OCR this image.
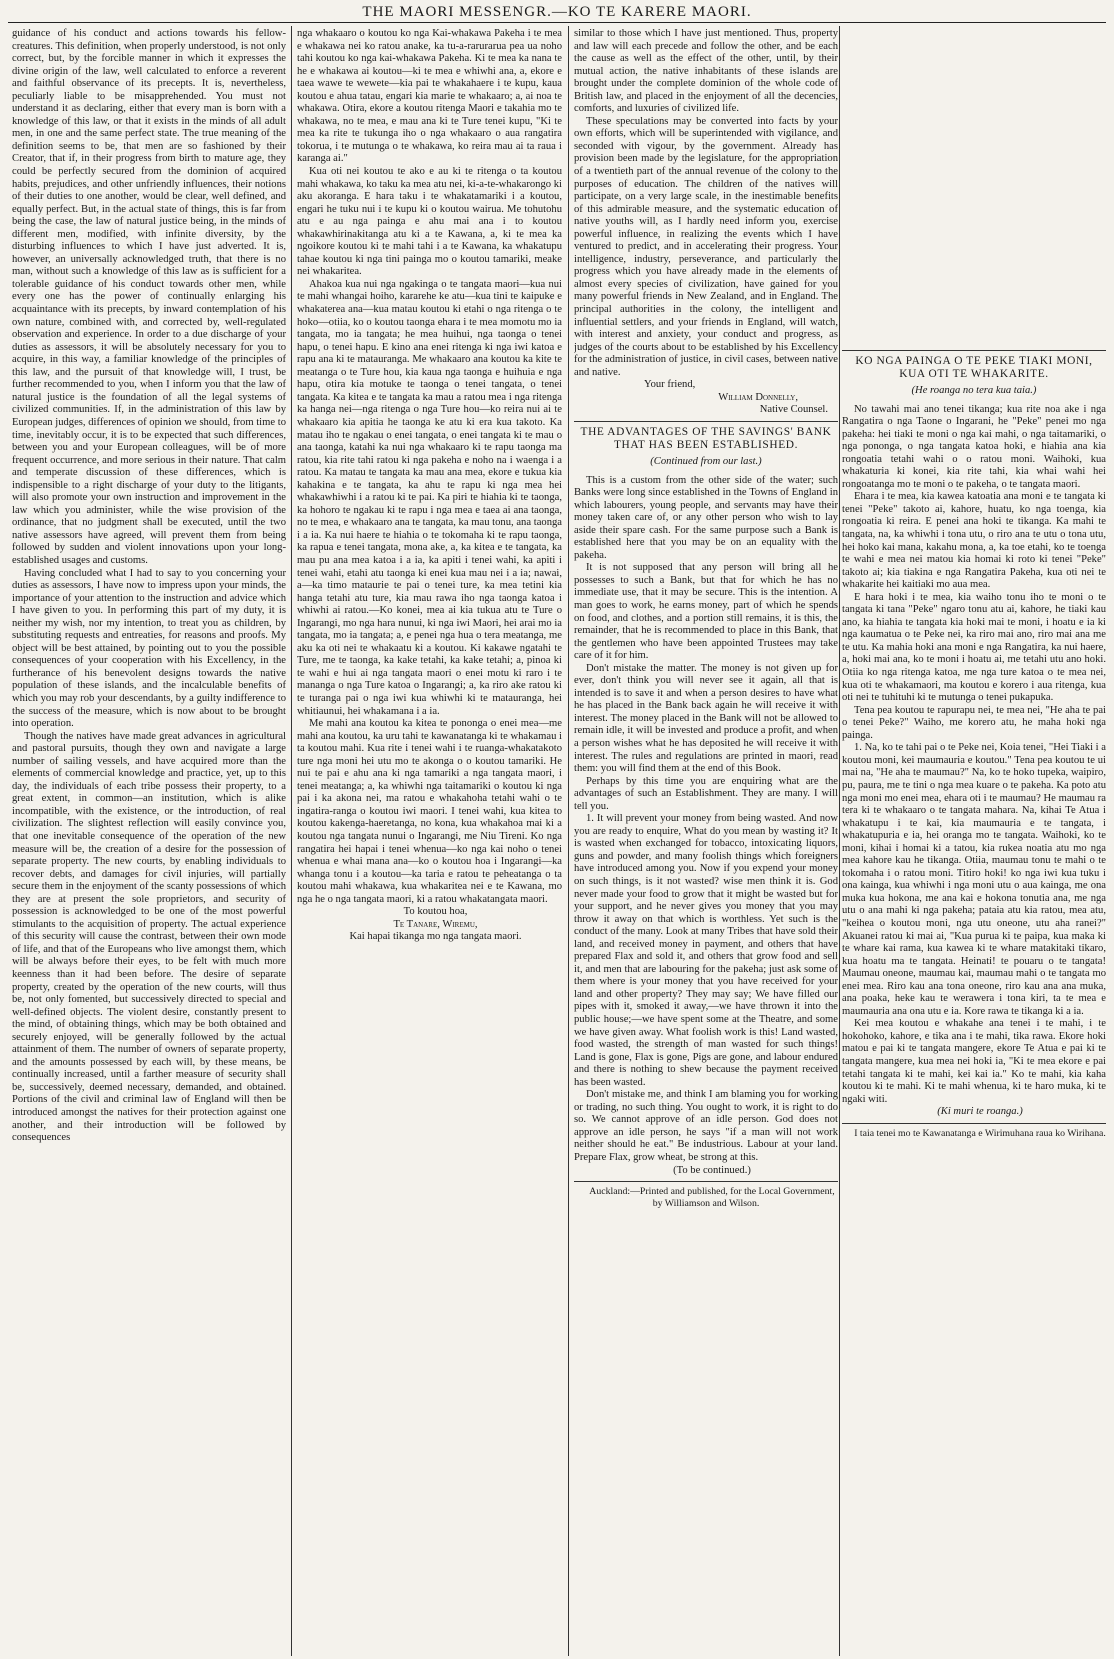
THE MAORI MESSENGR.—KO TE KARERE MAORI.

guidance of his conduct and actions towards his fellow-creatures. This definition, when properly understood, is not only correct, but, by the forcible manner in which it expresses the divine origin of the law, well calculated to enforce a reverent and faithful observance of its precepts. It is, nevertheless, peculiarly liable to be misapprehended. You must not understand it as declaring, either that every man is born with a knowledge of this law, or that it exists in the minds of all adult men, in one and the same perfect state. The true meaning of the definition seems to be, that men are so fashioned by their Creator, that if, in their progress from birth to mature age, they could be perfectly secured from the dominion of acquired habits, prejudices, and other unfriendly influences, their notions of their duties to one another, would be clear, well defined, and equally perfect. But, in the actual state of things, this is far from being the case, the law of natural justice being, in the minds of different men, modified, with infinite diversity, by the disturbing influences to which I have just adverted. It is, however, an universally acknowledged truth, that there is no man, without such a knowledge of this law as is sufficient for a tolerable guidance of his conduct towards other men, while every one has the power of continually enlarging his acquaintance with its precepts, by inward contemplation of his own nature, combined with, and corrected by, well-regulated observation and experience. In order to a due discharge of your duties as assessors, it will be absolutely necessary for you to acquire, in this way, a familiar knowledge of the principles of this law, and the pursuit of that knowledge will, I trust, be further recommended to you, when I inform you that the law of natural justice is the foundation of all the legal systems of civilized communities. If, in the administration of this law by European judges, differences of opinion we should, from time to time, inevitably occur, it is to be expected that such differences, between you and your European colleagues, will be of more frequent occurrence, and more serious in their nature. That calm and temperate discussion of these differences, which is indispensible to a right discharge of your duty to the litigants, will also promote your own instruction and improvement in the law which you administer, while the wise provision of the ordinance, that no judgment shall be executed, until the two native assessors have agreed, will prevent them from being followed by sudden and violent innovations upon your long-established usages and customs.

Having concluded what I had to say to you concerning your duties as assessors, I have now to impress upon your minds, the importance of your attention to the instruction and advice which I have given to you. In performing this part of my duty, it is neither my wish, nor my intention, to treat you as children, by substituting requests and entreaties, for reasons and proofs. My object will be best attained, by pointing out to you the possible consequences of your cooperation with his Excellency, in the furtherance of his benevolent designs towards the native population of these islands, and the incalculable benefits of which you may rob your descendants, by a guilty indifference to the success of the measure, which is now about to be brought into operation.

Though the natives have made great advances in agricultural and pastoral pursuits, though they own and navigate a large number of sailing vessels, and have acquired more than the elements of commercial knowledge and practice, yet, up to this day, the individuals of each tribe possess their property, to a great extent, in common—an institution, which is alike incompatible, with the existence, or the introduction, of real civilization. The slightest reflection will easily convince you, that one inevitable consequence of the operation of the new measure will be, the creation of a desire for the possession of separate property. The new courts, by enabling individuals to recover debts, and damages for civil injuries, will partially secure them in the enjoyment of the scanty possessions of which they are at present the sole proprietors, and security of possession is acknowledged to be one of the most powerful stimulants to the acquisition of property. The actual experience of this security will cause the contrast, between their own mode of life, and that of the Europeans who live amongst them, which will be always before their eyes, to be felt with much more keenness than it had been before. The desire of separate property, created by the operation of the new courts, will thus be, not only fomented, but successively directed to special and well-defined objects. The violent desire, constantly present to the mind, of obtaining things, which may be both obtained and securely enjoyed, will be generally followed by the actual attainment of them. The number of owners of separate property, and the amounts possessed by each will, by these means, be continually increased, until a farther measure of security shall be, successively, deemed necessary, demanded, and obtained. Portions of the civil and criminal law of England will then be introduced amongst the natives for their protection against one another, and their introduction will be followed by consequences

nga whakaaro o koutou ko nga Kai-whakawa Pakeha i te mea e whakawa nei ko ratou anake, ka tu-a-rarurarua pea ua noho tahi koutou ko nga kai-whakawa Pakeha. Ki te mea ka nana te he e whakawa ai koutou—ki te mea e whiwhi ana, a, ekore e taea wawe te wewete—kia pai te whakahaere i te kupu, kaua koutou e ahua tatau, engari kia marie te whakaaro; a, ai noa te whakawa. Otira, ekore a koutou ritenga Maori e takahia mo te whakawa, no te mea, e mau ana ki te Ture tenei kupu, "Ki te mea ka rite te tukunga iho o nga whakaaro o aua rangatira tokorua, i te mutunga o te whakawa, ko reira mau ai ta raua i karanga ai."

Kua oti nei koutou te ako e au ki te ritenga o ta koutou mahi whakawa, ko taku ka mea atu nei, ki-a-te-whakarongo ki aku akoranga. E hara taku i te whakatamariki i a koutou, engari he tuku nui i te kupu ki o koutou wairua. Me tohutohu atu e au nga painga e ahu mai ana i to koutou whakawhirinakitanga atu ki a te Kawana, a, ki te mea ka ngoikore koutou ki te mahi tahi i a te Kawana, ka whakatupu tahae koutou ki nga tini painga mo o koutou tamariki, meake nei whakaritea.

Ahakoa kua nui nga ngakinga o te tangata maori—kua nui te mahi whangai hoiho, kararehe ke atu—kua tini te kaipuke e whakaterea ana—kua matau koutou ki etahi o nga ritenga o te hoko—otiia, ko o koutou taonga ehara i te mea momotu mo ia tangata, mo ia tangata; he mea huihui, nga taonga o tenei hapu, o tenei hapu. E kino ana enei ritenga ki nga iwi katoa e rapu ana ki te matauranga. Me whakaaro ana koutou ka kite te meatanga o te Ture hou, kia kaua nga taonga e huihuia e nga hapu, otira kia motuke te taonga o tenei tangata, o tenei tangata. Ka kitea e te tangata ka mau a ratou mea i nga ritenga ka hanga nei—nga ritenga o nga Ture hou—ko reira nui ai te whakaaro kia apitia he taonga ke atu ki era kua takoto. Ka matau iho te ngakau o enei tangata, o enei tangata ki te mau o ana taonga, katahi ka nui nga whakaaro ki te rapu taonga ma ratou, kia rite tahi ratou ki nga pakeha e noho na i waenga i a ratou. Ka matau te tangata ka mau ana mea, ekore e tukua kia kahakina e te tangata, ka ahu te rapu ki nga mea hei whakawhiwhi i a ratou ki te pai. Ka piri te hiahia ki te taonga, ka hohoro te ngakau ki te rapu i nga mea e taea ai ana taonga, no te mea, e whakaaro ana te tangata, ka mau tonu, ana taonga i a ia. Ka nui haere te hiahia o te tokomaha ki te rapu taonga, ka rapua e tenei tangata, mona ake, a, ka kitea e te tangata, ka mau pu ana mea katoa i a ia, ka apiti i tenei wahi, ka apiti i tenei wahi, etahi atu taonga ki enei kua mau nei i a ia; nawai, a—ka timo mataurie te pai o tenei ture, ka mea tetini kia hanga tetahi atu ture, kia mau rawa iho nga taonga katoa i whiwhi ai ratou.—Ko konei, mea ai kia tukua atu te Ture o Ingarangi, mo nga hara nunui, ki nga iwi Maori, hei arai mo ia tangata, mo ia tangata; a, e penei nga hua o tera meatanga, me aku ka oti nei te whakaatu ki a koutou. Ki kakawe ngatahi te Ture, me te taonga, ka kake tetahi, ka kake tetahi; a, pinoa ki te wahi e hui ai nga tangata maori o enei motu ki raro i te mananga o nga Ture katoa o Ingarangi; a, ka riro ake ratou ki te turanga pai o nga iwi kua whiwhi ki te matauranga, hei whitiaunui, hei whakamana i a ia.

Me mahi ana koutou ka kitea te pononga o enei mea—me mahi ana koutou, ka uru tahi te kawanatanga ki te whakamau i ta koutou mahi. Kua rite i tenei wahi i te ruanga-whakatakoto ture nga moni hei utu mo te akonga o o koutou tamariki. He nui te pai e ahu ana ki nga tamariki a nga tangata maori, i tenei meatanga; a, ka whiwhi nga taitamariki o koutou ki nga pai i ka akona nei, ma ratou e whakahoha tetahi wahi o te ingatira-ranga o koutou iwi maori. I tenei wahi, kua kitea to koutou kakenga-haeretanga, no kona, kua whakahoa mai ki a koutou nga tangata nunui o Ingarangi, me Niu Tireni. Ko nga rangatira hei hapai i tenei whenua—ko nga kai noho o tenei whenua e whai mana ana—ko o koutou hoa i Ingarangi—ka whanga tonu i a koutou—ka taria e ratou te peheatanga o ta koutou mahi whakawa, kua whakaritea nei e te Kawana, mo nga he o nga tangata maori, ki a ratou whakatangata maori.

To koutou hoa,

Te Tanare, Wiremu,

Kai hapai tikanga mo nga tangata maori.

similar to those which I have just mentioned. Thus, property and law will each precede and follow the other, and be each the cause as well as the effect of the other, until, by their mutual action, the native inhabitants of these islands are brought under the complete dominion of the whole code of British law, and placed in the enjoyment of all the decencies, comforts, and luxuries of civilized life.

These speculations may be converted into facts by your own efforts, which will be superintended with vigilance, and seconded with vigour, by the government. Already has provision been made by the legislature, for the appropriation of a twentieth part of the annual revenue of the colony to the purposes of education. The children of the natives will participate, on a very large scale, in the inestimable benefits of this admirable measure, and the systematic education of native youths will, as I hardly need inform you, exercise powerful influence, in realizing the events which I have ventured to predict, and in accelerating their progress. Your intelligence, industry, perseverance, and particularly the progress which you have already made in the elements of almost every species of civilization, have gained for you many powerful friends in New Zealand, and in England. The principal authorities in the colony, the intelligent and influential settlers, and your friends in England, will watch, with interest and anxiety, your conduct and progress, as judges of the courts about to be established by his Excellency for the administration of justice, in civil cases, between native and native.

Your friend,

William Donnelly,

Native Counsel.

THE ADVANTAGES OF THE SAVINGS' BANK THAT HAS BEEN ESTABLISHED.
(Continued from our last.)

This is a custom from the other side of the water; such Banks were long since established in the Towns of England in which labourers, young people, and servants may have their money taken care of, or any other person who wish to lay aside their spare cash. For the same purpose such a Bank is established here that you may be on an equality with the pakeha.

It is not supposed that any person will bring all he possesses to such a Bank, but that for which he has no immediate use, that it may be secure. This is the intention. A man goes to work, he earns money, part of which he spends on food, and clothes, and a portion still remains, it is this, the remainder, that he is recommended to place in this Bank, that the gentlemen who have been appointed Trustees may take care of it for him.

Don't mistake the matter. The money is not given up for ever, don't think you will never see it again, all that is intended is to save it and when a person desires to have what he has placed in the Bank back again he will receive it with interest. The money placed in the Bank will not be allowed to remain idle, it will be invested and produce a profit, and when a person wishes what he has deposited he will receive it with interest. The rules and regulations are printed in maori, read them: you will find them at the end of this Book.

Perhaps by this time you are enquiring what are the advantages of such an Establishment. They are many. I will tell you.

1. It will prevent your money from being wasted. And now you are ready to enquire, What do you mean by wasting it? It is wasted when exchanged for tobacco, intoxicating liquors, guns and powder, and many foolish things which foreigners have introduced among you. Now if you expend your money on such things, is it not wasted? wise men think it is. God never made your food to grow that it might be wasted but for your support, and he never gives you money that you may throw it away on that which is worthless. Yet such is the conduct of the many. Look at many Tribes that have sold their land, and received money in payment, and others that have prepared Flax and sold it, and others that grow food and sell it, and men that are labouring for the pakeha; just ask some of them where is your money that you have received for your land and other property? They may say; We have filled our pipes with it, smoked it away,—we have thrown it into the public house;—we have spent some at the Theatre, and some we have given away. What foolish work is this! Land wasted, food wasted, the strength of man wasted for such things! Land is gone, Flax is gone, Pigs are gone, and labour endured and there is nothing to shew because the payment received has been wasted.

Don't mistake me, and think I am blaming you for working or trading, no such thing. You ought to work, it is right to do so. We cannot approve of an idle person. God does not approve an idle person, he says "if a man will not work neither should he eat." Be industrious. Labour at your land. Prepare Flax, grow wheat, be strong at this.

(To be continued.)

Auckland:—Printed and published, for the Local Government, by Williamson and Wilson.

KO NGA PAINGA O TE PEKE TIAKI MONI, KUA OTI TE WHAKARITE.
(He roanga no tera kua taia.)

No tawahi mai ano tenei tikanga; kua rite noa ake i nga Rangatira o nga Taone o Ingarani, he "Peke" penei mo nga pakeha: hei tiaki te moni o nga kai mahi, o nga taitamariki, o nga pononga, o nga tangata katoa hoki, e hiahia ana kia rongoatia tetahi wahi o o ratou moni. Waihoki, kua whakaturia ki konei, kia rite tahi, kia whai wahi hei rongoatanga mo te moni o te pakeha, o te tangata maori.

Ehara i te mea, kia kawea katoatia ana moni e te tangata ki tenei "Peke" takoto ai, kahore, huatu, ko nga toenga, kia rongoatia ki reira. E penei ana hoki te tikanga. Ka mahi te tangata, na, ka whiwhi i tona utu, o riro ana te utu o tona utu, hei hoko kai mana, kakahu mona, a, ka toe etahi, ko te toenga te wahi e mea nei matou kia homai ki roto ki tenei "Peke" takoto ai; kia tiakina e nga Rangatira Pakeha, kua oti nei te whakarite hei kaitiaki mo aua mea.

E hara hoki i te mea, kia waiho tonu iho te moni o te tangata ki tana "Peke" ngaro tonu atu ai, kahore, he tiaki kau ano, ka hiahia te tangata kia hoki mai te moni, i hoatu e ia ki nga kaumatua o te Peke nei, ka riro mai ano, riro mai ana me te utu. Ka mahia hoki ana moni e nga Rangatira, ka nui haere, a, hoki mai ana, ko te moni i hoatu ai, me tetahi utu ano hoki. Otiia ko nga ritenga katoa, me nga ture katoa o te mea nei, kua oti te whakamaori, ma koutou e korero i aua ritenga, kua oti nei te tuhituhi ki te mutunga o tenei pukapuka.

Tena pea koutou te rapurapu nei, te mea nei, "He aha te pai o tenei Peke?" Waiho, me korero atu, he maha hoki nga painga.

1. Na, ko te tahi pai o te Peke nei, Koia tenei, "Hei Tiaki i a koutou moni, kei maumauria e koutou." Tena pea koutou te ui mai na, "He aha te maumau?" Na, ko te hoko tupeka, waipiro, pu, paura, me te tini o nga mea kuare o te pakeha. Ka poto atu nga moni mo enei mea, ehara oti i te maumau? He maumau ra tera ki te whakaaro o te tangata mahara. Na, kihai Te Atua i whakatupu i te kai, kia maumauria e te tangata, i whakatupuria e ia, hei oranga mo te tangata. Waihoki, ko te moni, kihai i homai ki a tatou, kia rukea noatia atu mo nga mea kahore kau he tikanga. Otiia, maumau tonu te mahi o te tokomaha i o ratou moni. Titiro hoki! ko nga iwi kua tuku i ona kainga, kua whiwhi i nga moni utu o aua kainga, me ona muka kua hokona, me ana kai e hokona tonutia ana, me nga utu o ana mahi ki nga pakeha; pataia atu kia ratou, mea atu, "keihea o koutou moni, nga utu oneone, utu aha ranei?" Akuanei ratou ki mai ai, "Kua purua ki te paipa, kua maka ki te whare kai rama, kua kawea ki te whare matakitaki tikaro, kua hoatu ma te tangata. Heinati! te pouaru o te tangata! Maumau oneone, maumau kai, maumau mahi o te tangata mo enei mea. Riro kau ana tona oneone, riro kau ana ana muka, ana poaka, heke kau te werawera i tona kiri, ta te mea e maumauria ana ona utu e ia. Kore rawa te tikanga ki a ia.

Kei mea koutou e whakahe ana tenei i te mahi, i te hokohoko, kahore, e tika ana i te mahi, tika rawa. Ekore hoki matou e pai ki te tangata mangere, ekore Te Atua e pai ki te tangata mangere, kua mea nei hoki ia, "Ki te mea ekore e pai tetahi tangata ki te mahi, kei kai ia." Ko te mahi, kia kaha koutou ki te mahi. Ki te mahi whenua, ki te haro muka, ki te ngaki witi.

(Ki muri te roanga.)

I taia tenei mo te Kawanatanga e Wirimuhana raua ko Wirihana.
